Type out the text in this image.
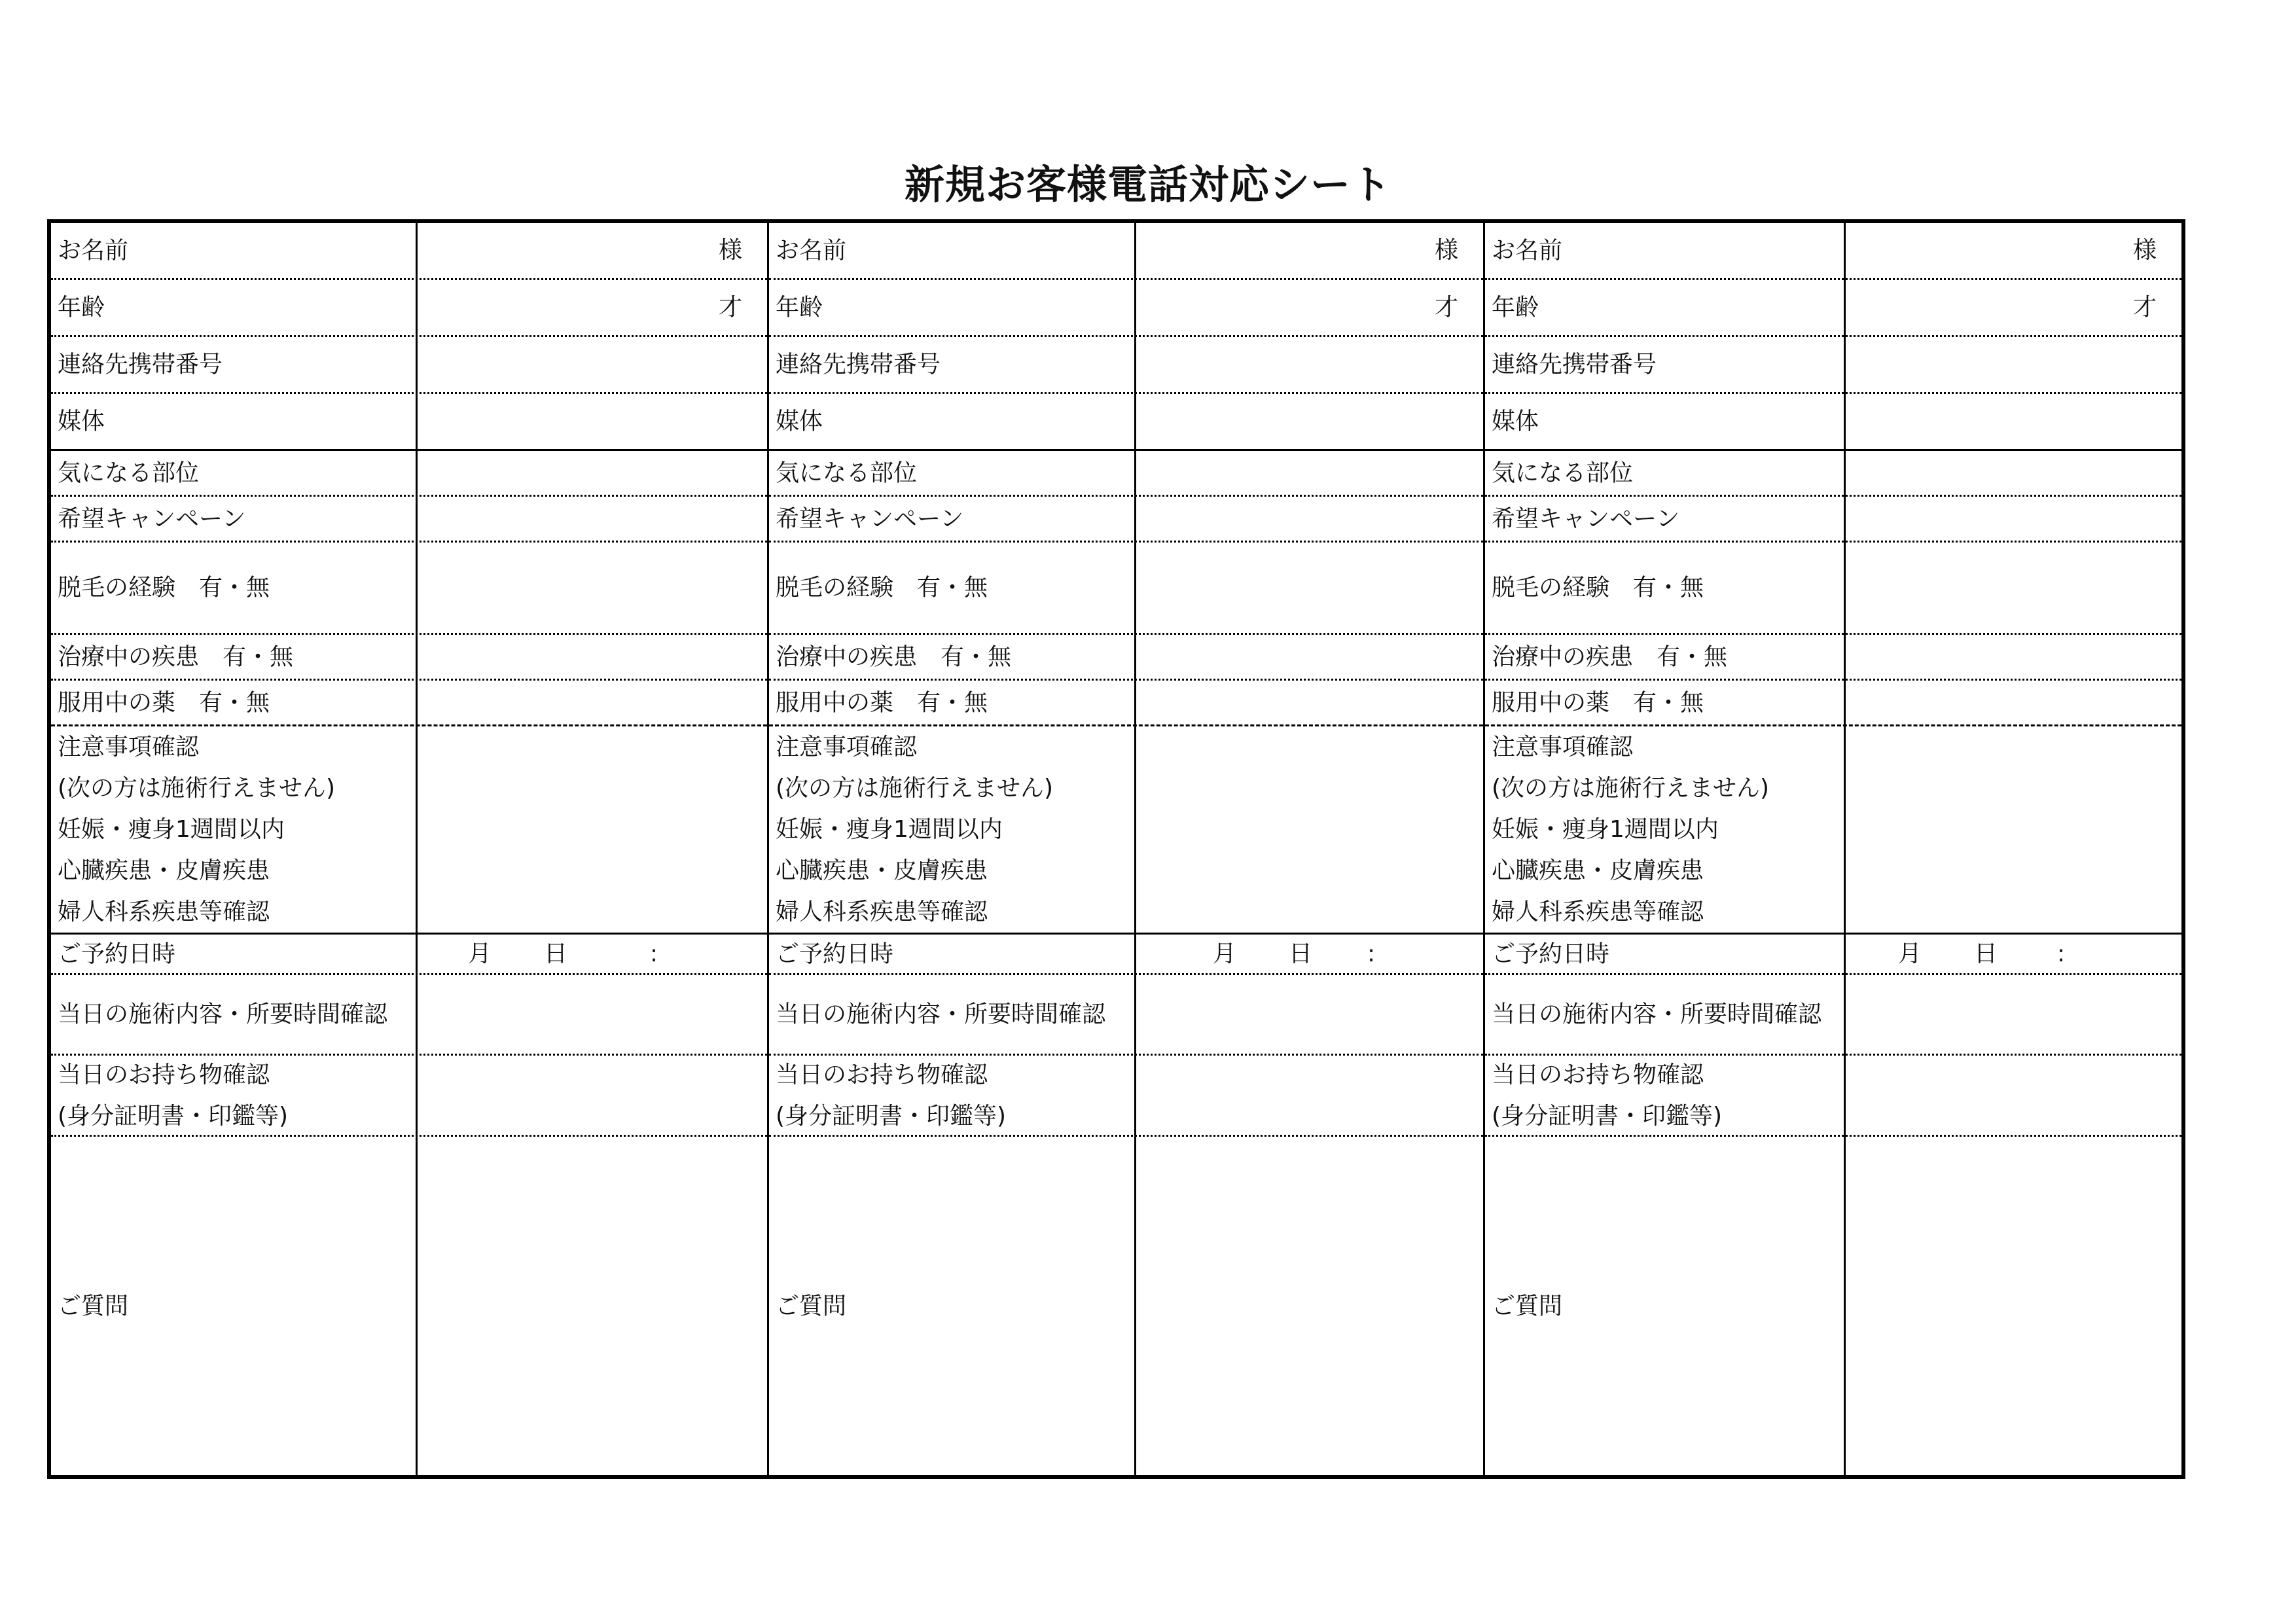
新規お客様電話対応シート
お名前	様
年齢	才
連絡先携帯番号
媒体
気になる部位
希望キャンペーン
脱毛の経験　有・無
治療中の疾患　有・無
服用中の薬　有・無
注意事項確認
(次の方は施術行えません)
妊娠・痩身1週間以内
心臓疾患・皮膚疾患
婦人科系疾患等確認
ご予約日時	月 日	:
当日の施術内容・所要時間確認
当日のお持ち物確認
(身分証明書・印鑑等)
ご質問
お名前	様
年齢	才
連絡先携帯番号
媒体
気になる部位
希望キャンペーン
脱毛の経験　有・無
治療中の疾患　有・無
服用中の薬　有・無
注意事項確認
(次の方は施術行えません)
妊娠・痩身1週間以内
心臓疾患・皮膚疾患
婦人科系疾患等確認
ご予約日時	月 日 :
当日の施術内容・所要時間確認
当日のお持ち物確認
(身分証明書・印鑑等)
ご質問
お名前	様
年齢	才
連絡先携帯番号
媒体
気になる部位
希望キャンペーン
脱毛の経験　有・無
治療中の疾患　有・無
服用中の薬　有・無
注意事項確認
(次の方は施術行えません)
妊娠・痩身1週間以内
心臓疾患・皮膚疾患
婦人科系疾患等確認
ご予約日時	月 日	:
当日の施術内容・所要時間確認
当日のお持ち物確認
(身分証明書・印鑑等)
ご質問
